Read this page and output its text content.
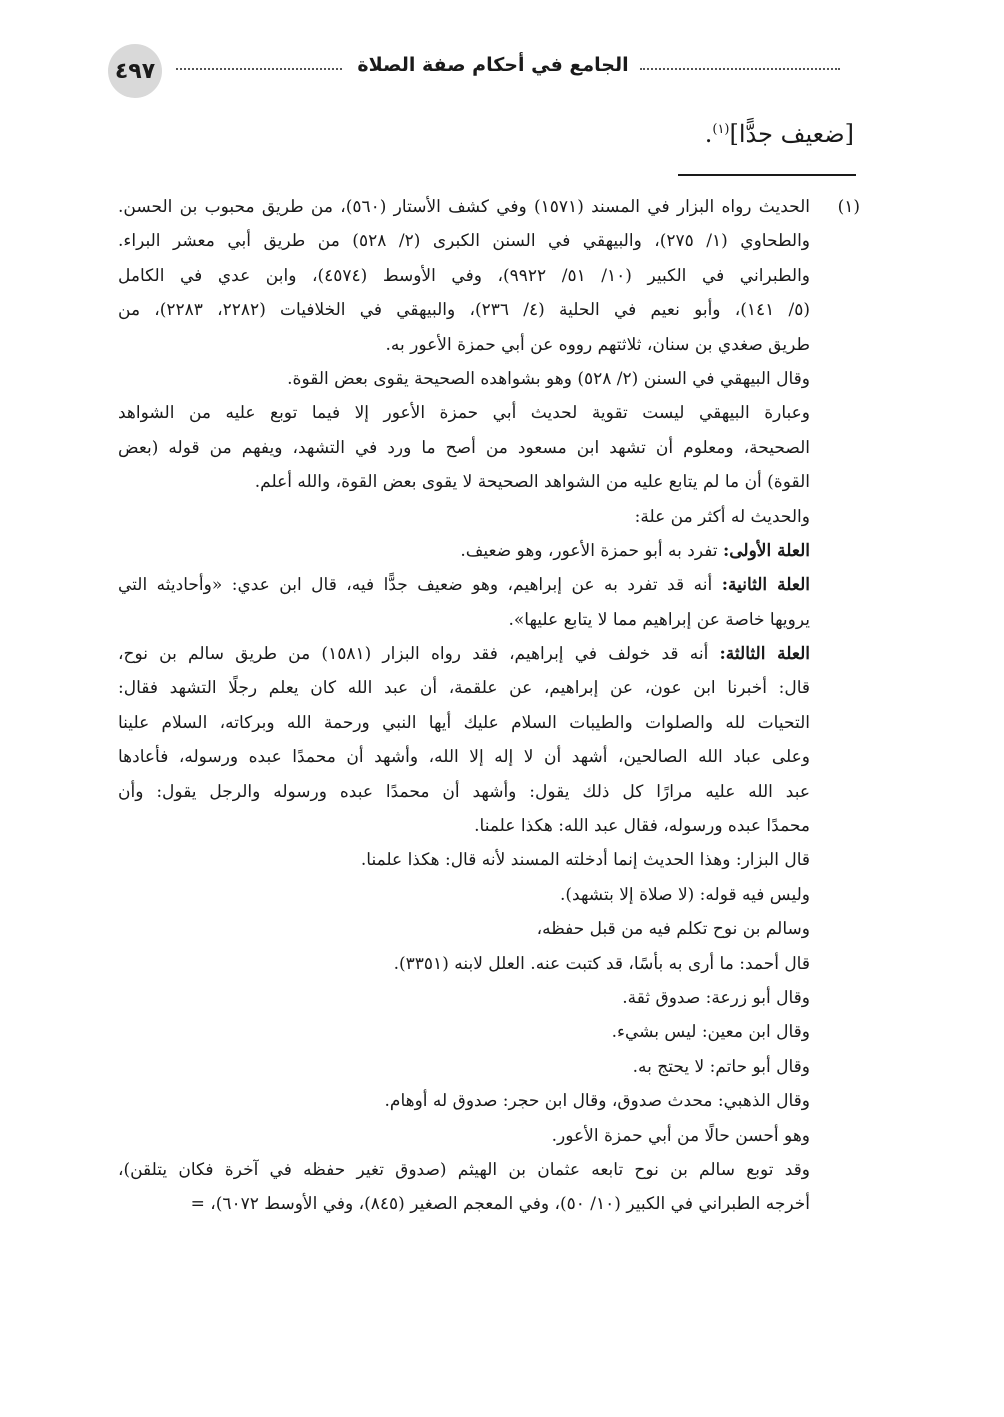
٤٩٧	الجامع في أحكام صفة الصلاة
[ضعيف جدًّا]$^{(١)}$.
(١)
الحديث رواه البزار في المسند (١٥٧١) وفي كشف الأستار (٥٦٠)، من طريق محبوب بن الحسن.
والطحاوي (١/ ٢٧٥)، والبيهقي في السنن الكبرى (٢/ ٥٢٨) من طريق أبي معشر البراء.
والطبراني في الكبير (١٠/ ٥١/ ٩٩٢٢)، وفي الأوسط (٤٥٧٤)، وابن عدي في الكامل
(٥/ ١٤١)، وأبو نعيم في الحلية (٤/ ٢٣٦)، والبيهقي في الخلافيات (٢٢٨٢، ٢٢٨٣)، من
طريق صغدي بن سنان، ثلاثتهم رووه عن أبي حمزة الأعور به.
وقال البيهقي في السنن (٢/ ٥٢٨) وهو بشواهده الصحيحة يقوى بعض القوة.
وعبارة البيهقي ليست تقوية لحديث أبي حمزة الأعور إلا فيما توبع عليه من الشواهد
الصحيحة، ومعلوم أن تشهد ابن مسعود من أصح ما ورد في التشهد، ويفهم من قوله (بعض
القوة) أن ما لم يتابع عليه من الشواهد الصحيحة لا يقوى بعض القوة، والله أعلم.
والحديث له أكثر من علة:
العلة الأولى: تفرد به أبو حمزة الأعور، وهو ضعيف.
العلة الثانية: أنه قد تفرد به عن إبراهيم، وهو ضعيف جدًّا فيه، قال ابن عدي: «وأحاديثه التي
يرويها خاصة عن إبراهيم مما لا يتابع عليها».
العلة الثالثة: أنه قد خولف في إبراهيم، فقد رواه البزار (١٥٨١) من طريق سالم بن نوح،
قال: أخبرنا ابن عون، عن إبراهيم، عن علقمة، أن عبد الله كان يعلم رجلًا التشهد فقال:
التحيات لله والصلوات والطيبات السلام عليك أيها النبي ورحمة الله وبركاته، السلام علينا
وعلى عباد الله الصالحين، أشهد أن لا إله إلا الله، وأشهد أن محمدًا عبده ورسوله، فأعادها
عبد الله عليه مرارًا كل ذلك يقول: وأشهد أن محمدًا عبده ورسوله والرجل يقول: وأن
محمدًا عبده ورسوله، فقال عبد الله: هكذا علمنا.
قال البزار: وهذا الحديث إنما أدخلته المسند لأنه قال: هكذا علمنا.
وليس فيه قوله: (لا صلاة إلا بتشهد).
وسالم بن نوح تكلم فيه من قبل حفظه،
قال أحمد: ما أرى به بأسًا، قد كتبت عنه. العلل لابنه (٣٣٥١).
وقال أبو زرعة: صدوق ثقة.
وقال ابن معين: ليس بشيء.
وقال أبو حاتم: لا يحتج به.
وقال الذهبي: محدث صدوق، وقال ابن حجر: صدوق له أوهام.
وهو أحسن حالًا من أبي حمزة الأعور.
وقد توبع سالم بن نوح تابعه عثمان بن الهيثم (صدوق تغير حفظه في آخرة فكان يتلقن)،
أخرجه الطبراني في الكبير (١٠/ ٥٠)، وفي المعجم الصغير (٨٤٥)، وفي الأوسط ٦٠٧٢)، =
